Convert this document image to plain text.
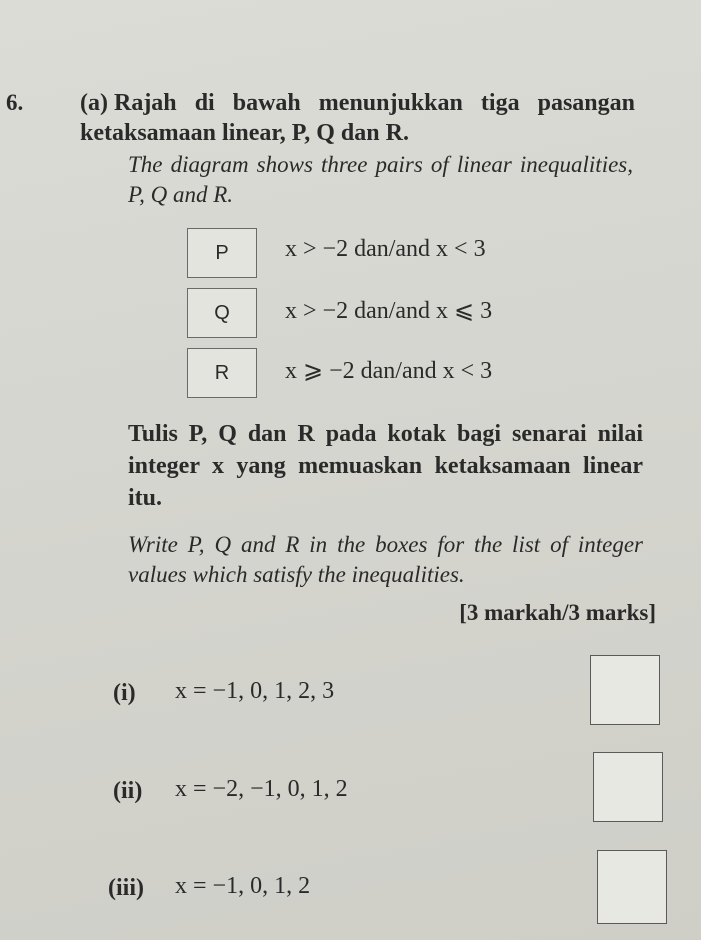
6. (a) Rajah di bawah menunjukkan tiga pasangan ketaksamaan linear, P, Q dan R.
The diagram shows three pairs of linear inequalities, P, Q and R.
P	x > −2 dan/and x < 3
Q	x > −2 dan/and x ⩽ 3
R	x ⩾ −2 dan/and x < 3
Tulis P, Q dan R pada kotak bagi senarai nilai integer x yang memuaskan ketaksamaan linear itu.
Write P, Q and R in the boxes for the list of integer values which satisfy the inequalities.
[3 markah/3 marks]
(i) x = −1, 0, 1, 2, 3
(ii) x = −2, −1, 0, 1, 2
(iii) x = −1, 0, 1, 2
